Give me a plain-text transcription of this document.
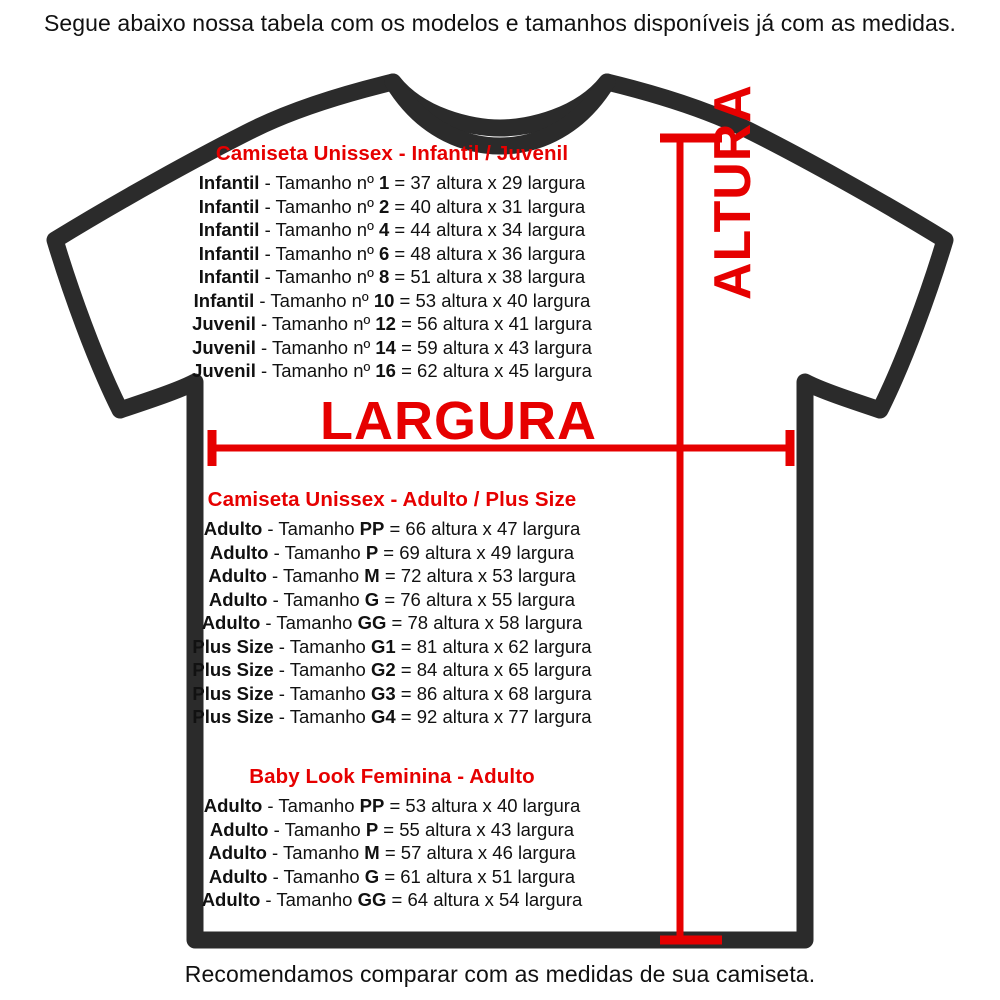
Segue abaixo nossa tabela com os modelos e tamanhos disponíveis já com as medidas.
LARGURA
ALTURA
Camiseta Unissex - Infantil / Juvenil
Infantil - Tamanho nº 1 = 37 altura x 29 largura
Infantil - Tamanho nº 2 = 40 altura x 31 largura
Infantil - Tamanho nº 4 = 44 altura x 34 largura
Infantil - Tamanho nº 6 = 48 altura x 36 largura
Infantil - Tamanho nº 8 = 51 altura x 38 largura
Infantil - Tamanho nº 10 = 53 altura x 40 largura
Juvenil - Tamanho nº 12 = 56 altura x 41 largura
Juvenil - Tamanho nº 14 = 59 altura x 43 largura
Juvenil - Tamanho nº 16 = 62 altura x 45 largura
Camiseta Unissex - Adulto / Plus Size
Adulto - Tamanho PP = 66 altura x 47 largura
Adulto - Tamanho P = 69 altura x 49 largura
Adulto - Tamanho M = 72 altura x 53 largura
Adulto - Tamanho G = 76 altura x 55 largura
Adulto - Tamanho GG = 78 altura x 58 largura
Plus Size - Tamanho G1 = 81 altura x 62 largura
Plus Size - Tamanho G2 = 84 altura x 65 largura
Plus Size - Tamanho G3 = 86 altura x 68 largura
Plus Size - Tamanho G4 = 92 altura x 77 largura
Baby Look Feminina - Adulto
Adulto - Tamanho PP = 53 altura x 40 largura
Adulto - Tamanho P = 55 altura x 43 largura
Adulto - Tamanho M = 57 altura x 46 largura
Adulto - Tamanho G = 61 altura x 51 largura
Adulto - Tamanho GG = 64 altura x 54 largura
Recomendamos comparar com as medidas de sua camiseta.
